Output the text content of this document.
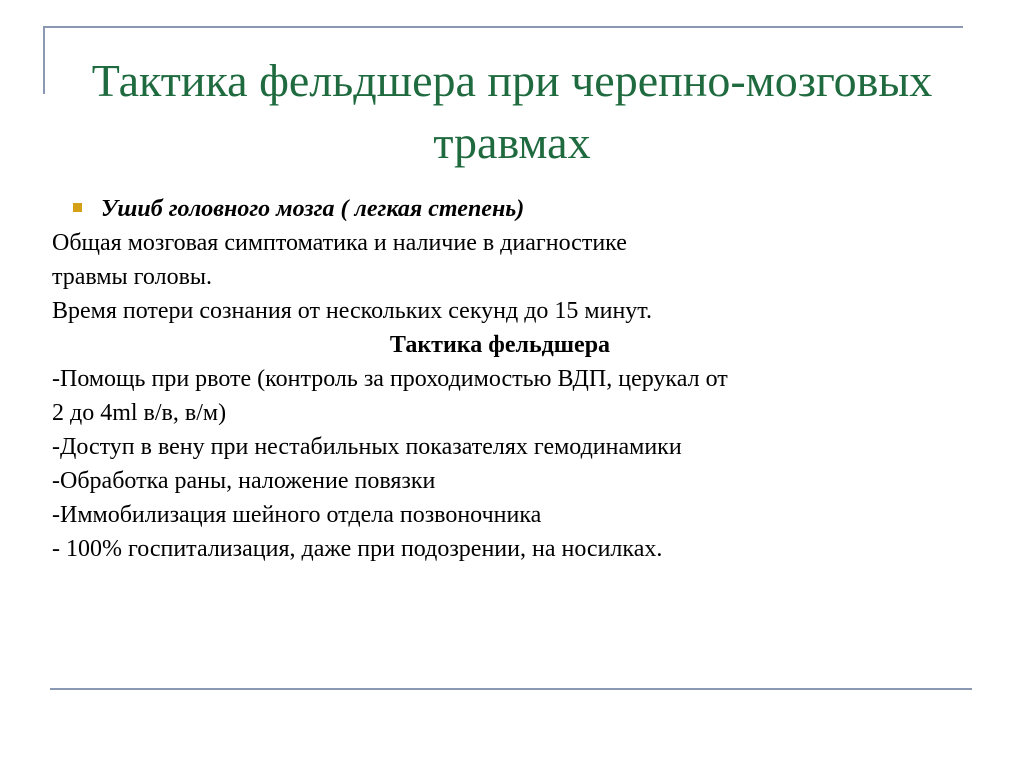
Тактика фельдшера при черепно-мозговых травмах
Ушиб головного мозга ( легкая степень)
Общая мозговая симптоматика и наличие в диагностике
травмы головы.
Время потери сознания от нескольких секунд до 15 минут.
Тактика фельдшера
-Помощь при рвоте (контроль за проходимостью ВДП, церукал от
2 до 4ml в/в, в/м)
-Доступ в вену при нестабильных показателях гемодинамики
-Обработка раны, наложение повязки
-Иммобилизация шейного отдела позвоночника
- 100% госпитализация, даже при подозрении, на носилках.
